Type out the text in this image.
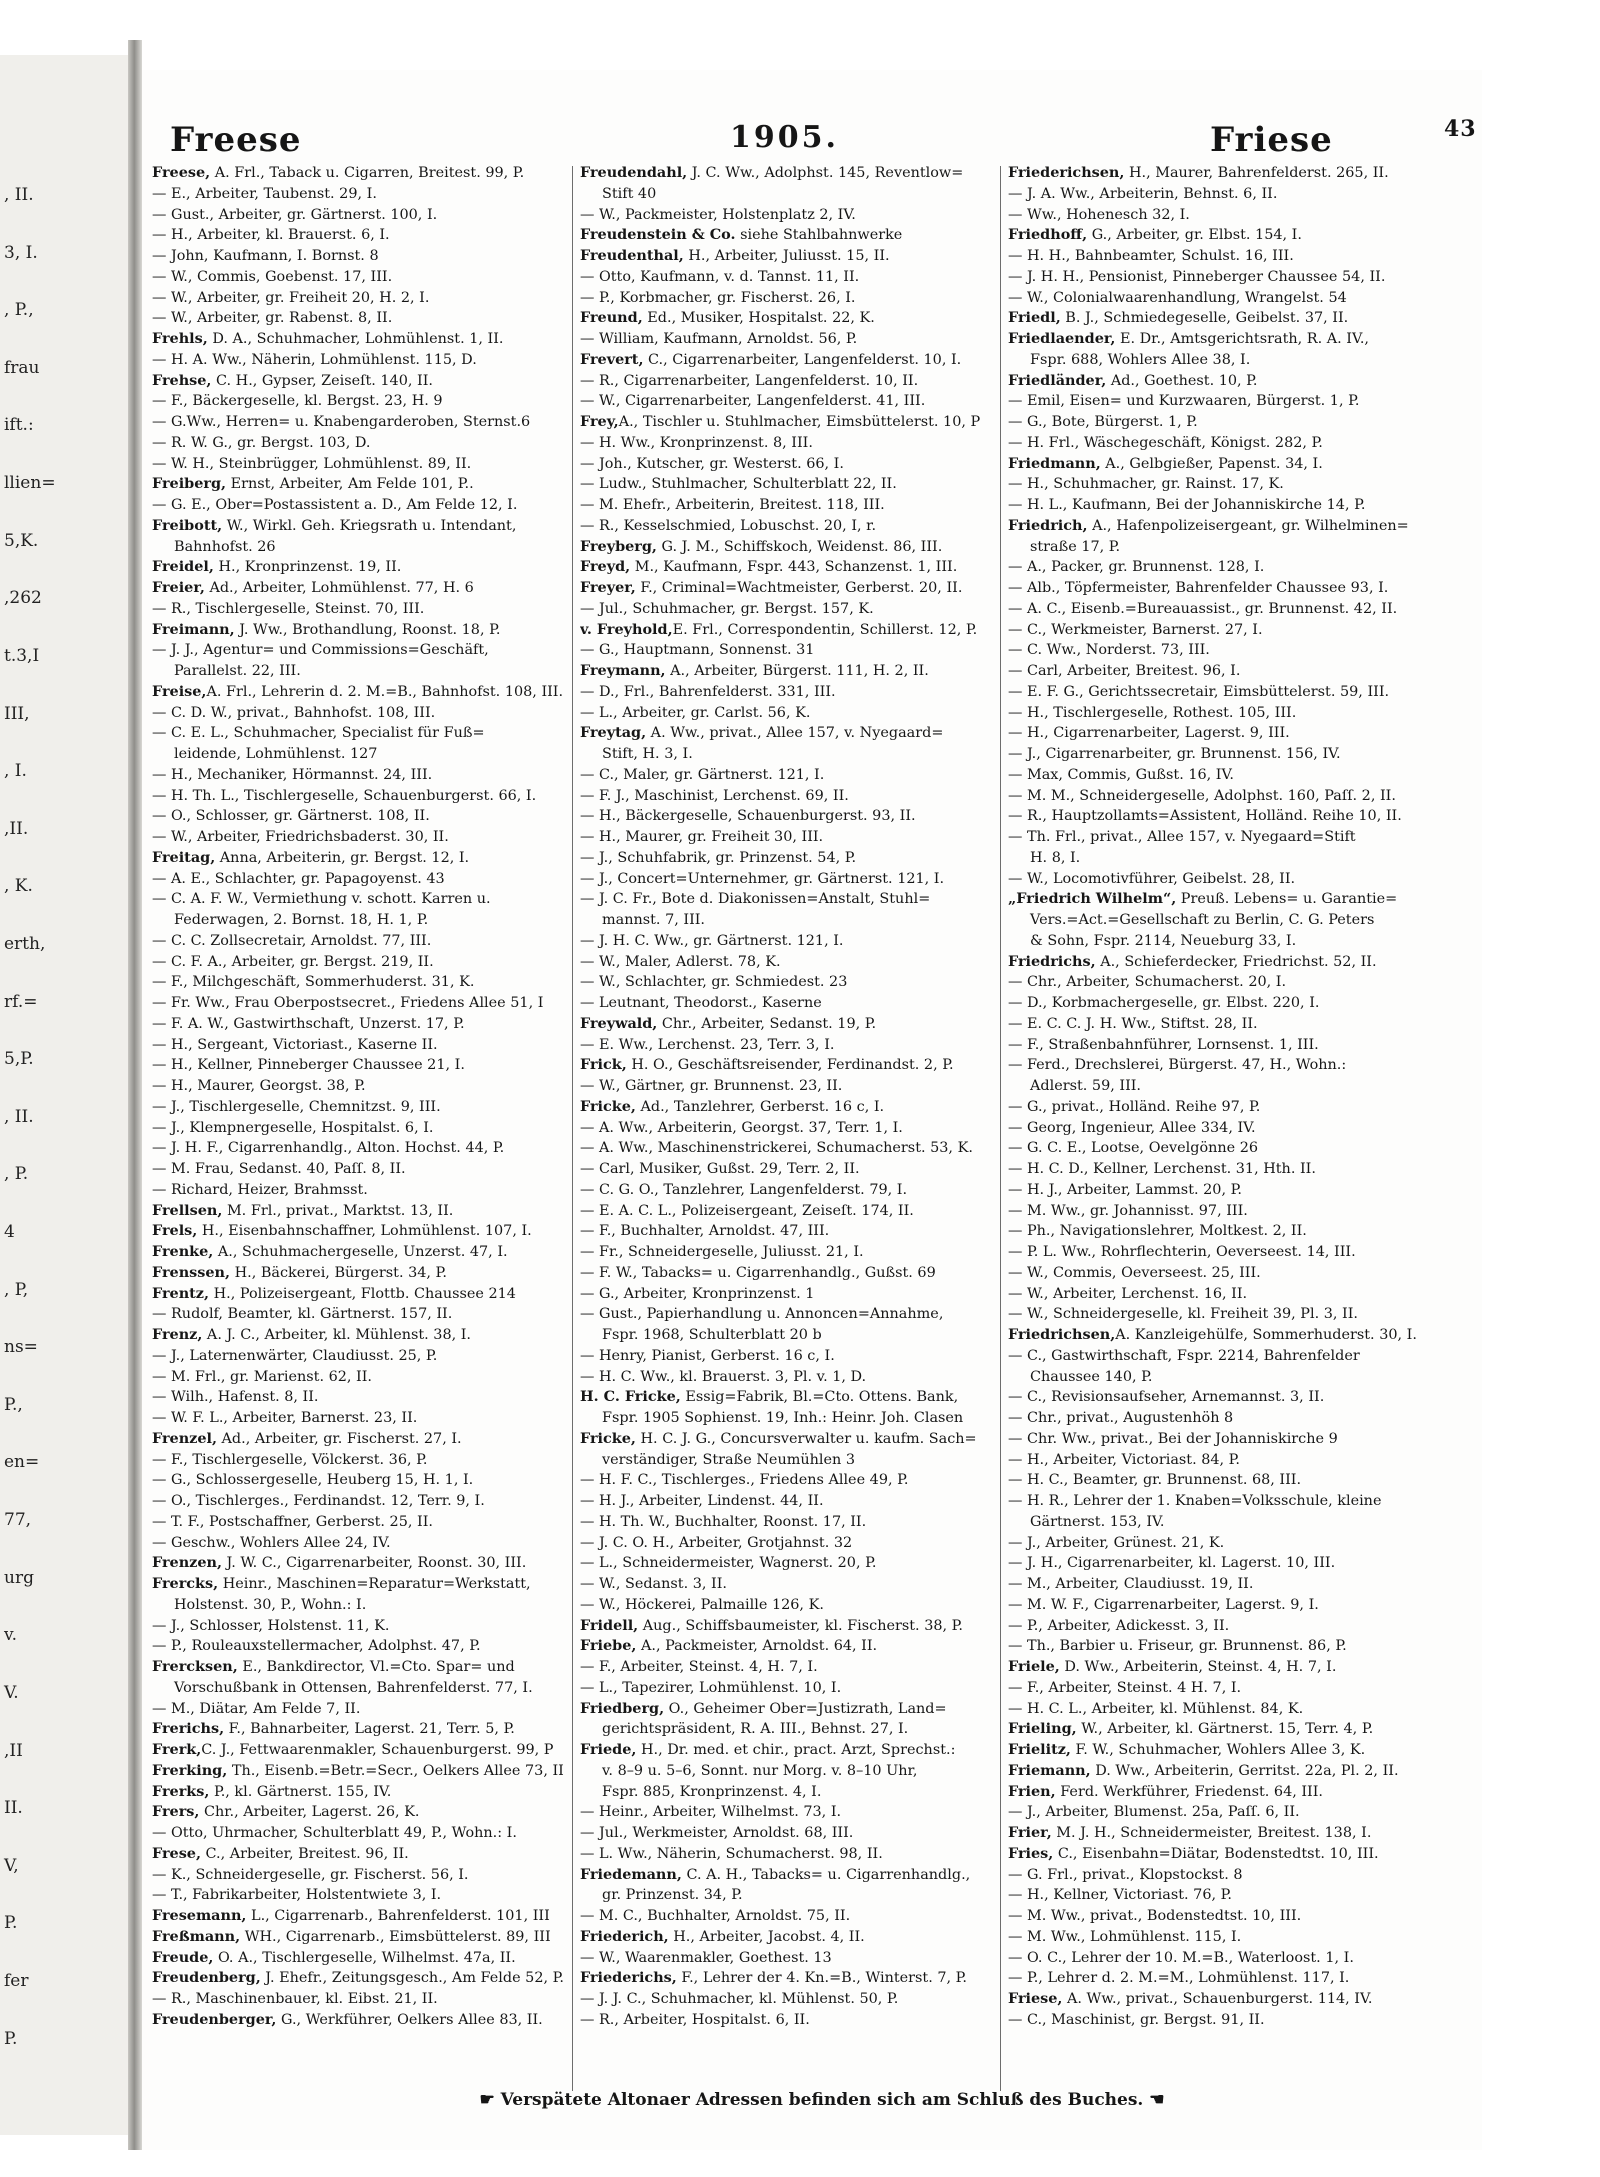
, II.
3, I.
, P.,
frau
ift.:
llien=
5,K.
,262
t.3,I
III,
, I.
,II.
, K.
erth,
rf.=
5,P.
, II.
, P.
4
, P,
ns=
P.,
en=
77,
urg
v.
V.
,II
II.
V,
P.
fer
P.
Freese	1905.	Friese	43
Freese, A. Frl., Taback u. Cigarren, Breitest. 99, P.
— E., Arbeiter, Taubenst. 29, I.
— Gust., Arbeiter, gr. Gärtnerst. 100, I.
— H., Arbeiter, kl. Brauerst. 6, I.
— John, Kaufmann, I. Bornst. 8
— W., Commis, Goebenst. 17, III.
— W., Arbeiter, gr. Freiheit 20, H. 2, I.
— W., Arbeiter, gr. Rabenst. 8, II.
Frehls, D. A., Schuhmacher, Lohmühlenst. 1, II.
— H. A. Ww., Näherin, Lohmühlenst. 115, D.
Frehse, C. H., Gypser, Zeiseſt. 140, II.
— F., Bäckergeselle, kl. Bergst. 23, H. 9
— G.Ww., Herren= u. Knabengarderoben, Sternst.6
— R. W. G., gr. Bergst. 103, D.
— W. H., Steinbrügger, Lohmühlenst. 89, II.
Freiberg, Ernst, Arbeiter, Am Felde 101, P..
— G. E., Ober=Postassistent a. D., Am Felde 12, I.
Freibott, W., Wirkl. Geh. Kriegsrath u. Intendant,
Bahnhofst. 26
Freidel, H., Kronprinzenst. 19, II.
Freier, Ad., Arbeiter, Lohmühlenst. 77, H. 6
— R., Tischlergeselle, Steinst. 70, III.
Freimann, J. Ww., Brothandlung, Roonst. 18, P.
— J. J., Agentur= und Commissions=Geschäft,
Parallelst. 22, III.
Freise,A. Frl., Lehrerin d. 2. M.=B., Bahnhofst. 108, III.
— C. D. W., privat., Bahnhofst. 108, III.
— C. E. L., Schuhmacher, Specialist für Fuß=
leidende, Lohmühlenst. 127
— H., Mechaniker, Hörmannst. 24, III.
— H. Th. L., Tischlergeselle, Schauenburgerst. 66, I.
— O., Schlosser, gr. Gärtnerst. 108, II.
— W., Arbeiter, Friedrichsbaderst. 30, II.
Freitag, Anna, Arbeiterin, gr. Bergst. 12, I.
— A. E., Schlachter, gr. Papagoyenst. 43
— C. A. F. W., Vermiethung v. schott. Karren u.
Federwagen, 2. Bornst. 18, H. 1, P.
— C. C. Zollsecretair, Arnoldst. 77, III.
— C. F. A., Arbeiter, gr. Bergst. 219, II.
— F., Milchgeschäft, Sommerhuderst. 31, K.
— Fr. Ww., Frau Oberpostsecret., Friedens Allee 51, I
— F. A. W., Gastwirthschaft, Unzerst. 17, P.
— H., Sergeant, Victoriast., Kaserne II.
— H., Kellner, Pinneberger Chaussee 21, I.
— H., Maurer, Georgst. 38, P.
— J., Tischlergeselle, Chemnitzst. 9, III.
— J., Klempnergeselle, Hospitalst. 6, I.
— J. H. F., Cigarrenhandlg., Alton. Hochst. 44, P.
— M. Frau, Sedanst. 40, Paſſ. 8, II.
— Richard, Heizer, Brahmsst.
Frellsen, M. Frl., privat., Marktst. 13, II.
Frels, H., Eisenbahnschaffner, Lohmühlenst. 107, I.
Frenke, A., Schuhmachergeselle, Unzerst. 47, I.
Frenssen, H., Bäckerei, Bürgerst. 34, P.
Frentz, H., Polizeisergeant, Flottb. Chaussee 214
— Rudolf, Beamter, kl. Gärtnerst. 157, II.
Frenz, A. J. C., Arbeiter, kl. Mühlenst. 38, I.
— J., Laternenwärter, Claudiusst. 25, P.
— M. Frl., gr. Marienst. 62, II.
— Wilh., Hafenst. 8, II.
— W. F. L., Arbeiter, Barnerst. 23, II.
Frenzel, Ad., Arbeiter, gr. Fischerst. 27, I.
— F., Tischlergeselle, Völckerst. 36, P.
— G., Schlossergeselle, Heuberg 15, H. 1, I.
— O., Tischlerges., Ferdinandst. 12, Terr. 9, I.
— T. F., Postschaffner, Gerberst. 25, II.
— Geschw., Wohlers Allee 24, IV.
Frenzen, J. W. C., Cigarrenarbeiter, Roonst. 30, III.
Frercks, Heinr., Maschinen=Reparatur=Werkstatt,
Holstenst. 30, P., Wohn.: I.
— J., Schlosser, Holstenst. 11, K.
— P., Rouleauxstellermacher, Adolphst. 47, P.
Frercksen, E., Bankdirector, Vl.=Cto. Spar= und
Vorschußbank in Ottensen, Bahrenfelderst. 77, I.
— M., Diätar, Am Felde 7, II.
Frerichs, F., Bahnarbeiter, Lagerst. 21, Terr. 5, P.
Frerk,C. J., Fettwaarenmakler, Schauenburgerst. 99, P
Frerking, Th., Eisenb.=Betr.=Secr., Oelkers Allee 73, II
Frerks, P., kl. Gärtnerst. 155, IV.
Frers, Chr., Arbeiter, Lagerst. 26, K.
— Otto, Uhrmacher, Schulterblatt 49, P., Wohn.: I.
Frese, C., Arbeiter, Breitest. 96, II.
— K., Schneidergeselle, gr. Fischerst. 56, I.
— T., Fabrikarbeiter, Holstentwiete 3, I.
Fresemann, L., Cigarrenarb., Bahrenfelderst. 101, III
Freßmann, WH., Cigarrenarb., Eimsbüttelerst. 89, III
Freude, O. A., Tischlergeselle, Wilhelmst. 47a, II.
Freudenberg, J. Ehefr., Zeitungsgesch., Am Felde 52, P.
— R., Maschinenbauer, kl. Eibst. 21, II.
Freudenberger, G., Werkführer, Oelkers Allee 83, II.
Freudendahl, J. C. Ww., Adolphst. 145, Reventlow=
Stift 40
— W., Packmeister, Holstenplatz 2, IV.
Freudenstein & Co. siehe Stahlbahnwerke
Freudenthal, H., Arbeiter, Juliusst. 15, II.
— Otto, Kaufmann, v. d. Tannst. 11, II.
— P., Korbmacher, gr. Fischerst. 26, I.
Freund, Ed., Musiker, Hospitalst. 22, K.
— William, Kaufmann, Arnoldst. 56, P.
Frevert, C., Cigarrenarbeiter, Langenfelderst. 10, I.
— R., Cigarrenarbeiter, Langenfelderst. 10, II.
— W., Cigarrenarbeiter, Langenfelderst. 41, III.
Frey,A., Tischler u. Stuhlmacher, Eimsbüttelerst. 10, P
— H. Ww., Kronprinzenst. 8, III.
— Joh., Kutscher, gr. Westerst. 66, I.
— Ludw., Stuhlmacher, Schulterblatt 22, II.
— M. Ehefr., Arbeiterin, Breitest. 118, III.
— R., Kesselschmied, Lobuschst. 20, I, r.
Freyberg, G. J. M., Schiffskoch, Weidenst. 86, III.
Freyd, M., Kaufmann, Fspr. 443, Schanzenst. 1, III.
Freyer, F., Criminal=Wachtmeister, Gerberst. 20, II.
— Jul., Schuhmacher, gr. Bergst. 157, K.
v. Freyhold,E. Frl., Correspondentin, Schillerst. 12, P.
— G., Hauptmann, Sonnenst. 31
Freymann, A., Arbeiter, Bürgerst. 111, H. 2, II.
— D., Frl., Bahrenfelderst. 331, III.
— L., Arbeiter, gr. Carlst. 56, K.
Freytag, A. Ww., privat., Allee 157, v. Nyegaard=
Stift, H. 3, I.
— C., Maler, gr. Gärtnerst. 121, I.
— F. J., Maschinist, Lerchenst. 69, II.
— H., Bäckergeselle, Schauenburgerst. 93, II.
— H., Maurer, gr. Freiheit 30, III.
— J., Schuhfabrik, gr. Prinzenst. 54, P.
— J., Concert=Unternehmer, gr. Gärtnerst. 121, I.
— J. C. Fr., Bote d. Diakonissen=Anstalt, Stuhl=
mannst. 7, III.
— J. H. C. Ww., gr. Gärtnerst. 121, I.
— W., Maler, Adlerst. 78, K.
— W., Schlachter, gr. Schmiedest. 23
— Leutnant, Theodorst., Kaserne
Freywald, Chr., Arbeiter, Sedanst. 19, P.
— E. Ww., Lerchenst. 23, Terr. 3, I.
Frick, H. O., Geschäftsreisender, Ferdinandst. 2, P.
— W., Gärtner, gr. Brunnenst. 23, II.
Fricke, Ad., Tanzlehrer, Gerberst. 16 c, I.
— A. Ww., Arbeiterin, Georgst. 37, Terr. 1, I.
— A. Ww., Maschinenstrickerei, Schumacherst. 53, K.
— Carl, Musiker, Gußst. 29, Terr. 2, II.
— C. G. O., Tanzlehrer, Langenfelderst. 79, I.
— E. A. C. L., Polizeisergeant, Zeiseſt. 174, II.
— F., Buchhalter, Arnoldst. 47, III.
— Fr., Schneidergeselle, Juliusst. 21, I.
— F. W., Tabacks= u. Cigarrenhandlg., Gußst. 69
— G., Arbeiter, Kronprinzenst. 1
— Gust., Papierhandlung u. Annoncen=Annahme,
Fspr. 1968, Schulterblatt 20 b
— Henry, Pianist, Gerberst. 16 c, I.
— H. C. Ww., kl. Brauerst. 3, Pl. v. 1, D.
H. C. Fricke, Essig=Fabrik, Bl.=Cto. Ottens. Bank,
Fspr. 1905 Sophienst. 19, Inh.: Heinr. Joh. Clasen
Fricke, H. C. J. G., Concursverwalter u. kaufm. Sach=
verständiger, Straße Neumühlen 3
— H. F. C., Tischlerges., Friedens Allee 49, P.
— H. J., Arbeiter, Lindenst. 44, II.
— H. Th. W., Buchhalter, Roonst. 17, II.
— J. C. O. H., Arbeiter, Grotjahnst. 32
— L., Schneidermeister, Wagnerst. 20, P.
— W., Sedanst. 3, II.
— W., Höckerei, Palmaille 126, K.
Fridell, Aug., Schiffsbaumeister, kl. Fischerst. 38, P.
Friebe, A., Packmeister, Arnoldst. 64, II.
— F., Arbeiter, Steinst. 4, H. 7, I.
— L., Tapezirer, Lohmühlenst. 10, I.
Friedberg, O., Geheimer Ober=Justizrath, Land=
gerichtspräsident, R. A. III., Behnst. 27, I.
Friede, H., Dr. med. et chir., pract. Arzt, Sprechst.:
v. 8–9 u. 5–6, Sonnt. nur Morg. v. 8–10 Uhr,
Fspr. 885, Kronprinzenst. 4, I.
— Heinr., Arbeiter, Wilhelmst. 73, I.
— Jul., Werkmeister, Arnoldst. 68, III.
— L. Ww., Näherin, Schumacherst. 98, II.
Friedemann, C. A. H., Tabacks= u. Cigarrenhandlg.,
gr. Prinzenst. 34, P.
— M. C., Buchhalter, Arnoldst. 75, II.
Friederich, H., Arbeiter, Jacobst. 4, II.
— W., Waarenmakler, Goethest. 13
Friederichs, F., Lehrer der 4. Kn.=B., Winterst. 7, P.
— J. J. C., Schuhmacher, kl. Mühlenst. 50, P.
— R., Arbeiter, Hospitalst. 6, II.
Friederichsen, H., Maurer, Bahrenfelderst. 265, II.
— J. A. Ww., Arbeiterin, Behnst. 6, II.
— Ww., Hohenesch 32, I.
Friedhoff, G., Arbeiter, gr. Elbst. 154, I.
— H. H., Bahnbeamter, Schulst. 16, III.
— J. H. H., Pensionist, Pinneberger Chaussee 54, II.
— W., Colonialwaarenhandlung, Wrangelst. 54
Friedl, B. J., Schmiedegeselle, Geibelst. 37, II.
Friedlaender, E. Dr., Amtsgerichtsrath, R. A. IV.,
Fspr. 688, Wohlers Allee 38, I.
Friedländer, Ad., Goethest. 10, P.
— Emil, Eisen= und Kurzwaaren, Bürgerst. 1, P.
— G., Bote, Bürgerst. 1, P.
— H. Frl., Wäschegeschäft, Königst. 282, P.
Friedmann, A., Gelbgießer, Papenst. 34, I.
— H., Schuhmacher, gr. Rainst. 17, K.
— H. L., Kaufmann, Bei der Johanniskirche 14, P.
Friedrich, A., Hafenpolizeisergeant, gr. Wilhelminen=
straße 17, P.
— A., Packer, gr. Brunnenst. 128, I.
— Alb., Töpfermeister, Bahrenfelder Chaussee 93, I.
— A. C., Eisenb.=Bureauassist., gr. Brunnenst. 42, II.
— C., Werkmeister, Barnerst. 27, I.
— C. Ww., Norderst. 73, III.
— Carl, Arbeiter, Breitest. 96, I.
— E. F. G., Gerichtssecretair, Eimsbüttelerst. 59, III.
— H., Tischlergeselle, Rothest. 105, III.
— H., Cigarrenarbeiter, Lagerst. 9, III.
— J., Cigarrenarbeiter, gr. Brunnenst. 156, IV.
— Max, Commis, Gußst. 16, IV.
— M. M., Schneidergeselle, Adolphst. 160, Paſſ. 2, II.
— R., Hauptzollamts=Assistent, Holländ. Reihe 10, II.
— Th. Frl., privat., Allee 157, v. Nyegaard=Stift
H. 8, I.
— W., Locomotivführer, Geibelst. 28, II.
„Friedrich Wilhelm“, Preuß. Lebens= u. Garantie=
Vers.=Act.=Gesellschaft zu Berlin, C. G. Peters
& Sohn, Fspr. 2114, Neueburg 33, I.
Friedrichs, A., Schieferdecker, Friedrichst. 52, II.
— Chr., Arbeiter, Schumacherst. 20, I.
— D., Korbmachergeselle, gr. Elbst. 220, I.
— E. C. C. J. H. Ww., Stiftst. 28, II.
— F., Straßenbahnführer, Lornsenst. 1, III.
— Ferd., Drechslerei, Bürgerst. 47, H., Wohn.:
Adlerst. 59, III.
— G., privat., Holländ. Reihe 97, P.
— Georg, Ingenieur, Allee 334, IV.
— G. C. E., Lootse, Oevelgönne 26
— H. C. D., Kellner, Lerchenst. 31, Hth. II.
— H. J., Arbeiter, Lammst. 20, P.
— M. Ww., gr. Johannisst. 97, III.
— Ph., Navigationslehrer, Moltkest. 2, II.
— P. L. Ww., Rohrflechterin, Oeverseest. 14, III.
— W., Commis, Oeverseest. 25, III.
— W., Arbeiter, Lerchenst. 16, II.
— W., Schneidergeselle, kl. Freiheit 39, Pl. 3, II.
Friedrichsen,A. Kanzleigehülfe, Sommerhuderst. 30, I.
— C., Gastwirthschaft, Fspr. 2214, Bahrenfelder
Chaussee 140, P.
— C., Revisionsaufseher, Arnemannst. 3, II.
— Chr., privat., Augustenhöh 8
— Chr. Ww., privat., Bei der Johanniskirche 9
— H., Arbeiter, Victoriast. 84, P.
— H. C., Beamter, gr. Brunnenst. 68, III.
— H. R., Lehrer der 1. Knaben=Volksschule, kleine
Gärtnerst. 153, IV.
— J., Arbeiter, Grünest. 21, K.
— J. H., Cigarrenarbeiter, kl. Lagerst. 10, III.
— M., Arbeiter, Claudiusst. 19, II.
— M. W. F., Cigarrenarbeiter, Lagerst. 9, I.
— P., Arbeiter, Adickesst. 3, II.
— Th., Barbier u. Friseur, gr. Brunnenst. 86, P.
Friele, D. Ww., Arbeiterin, Steinst. 4, H. 7, I.
— F., Arbeiter, Steinst. 4 H. 7, I.
— H. C. L., Arbeiter, kl. Mühlenst. 84, K.
Frieling, W., Arbeiter, kl. Gärtnerst. 15, Terr. 4, P.
Frielitz, F. W., Schuhmacher, Wohlers Allee 3, K.
Friemann, D. Ww., Arbeiterin, Gerritst. 22a, Pl. 2, II.
Frien, Ferd. Werkführer, Friedenst. 64, III.
— J., Arbeiter, Blumenst. 25a, Paſſ. 6, II.
Frier, M. J. H., Schneidermeister, Breitest. 138, I.
Fries, C., Eisenbahn=Diätar, Bodenstedtst. 10, III.
— G. Frl., privat., Klopstockst. 8
— H., Kellner, Victoriast. 76, P.
— M. Ww., privat., Bodenstedtst. 10, III.
— M. Ww., Lohmühlenst. 115, I.
— O. C., Lehrer der 10. M.=B., Waterloost. 1, I.
— P., Lehrer d. 2. M.=M., Lohmühlenst. 117, I.
Friese, A. Ww., privat., Schauenburgerst. 114, IV.
— C., Maschinist, gr. Bergst. 91, II.
☛ Verspätete Altonaer Adressen befinden sich am Schluß des Buches. ☚
